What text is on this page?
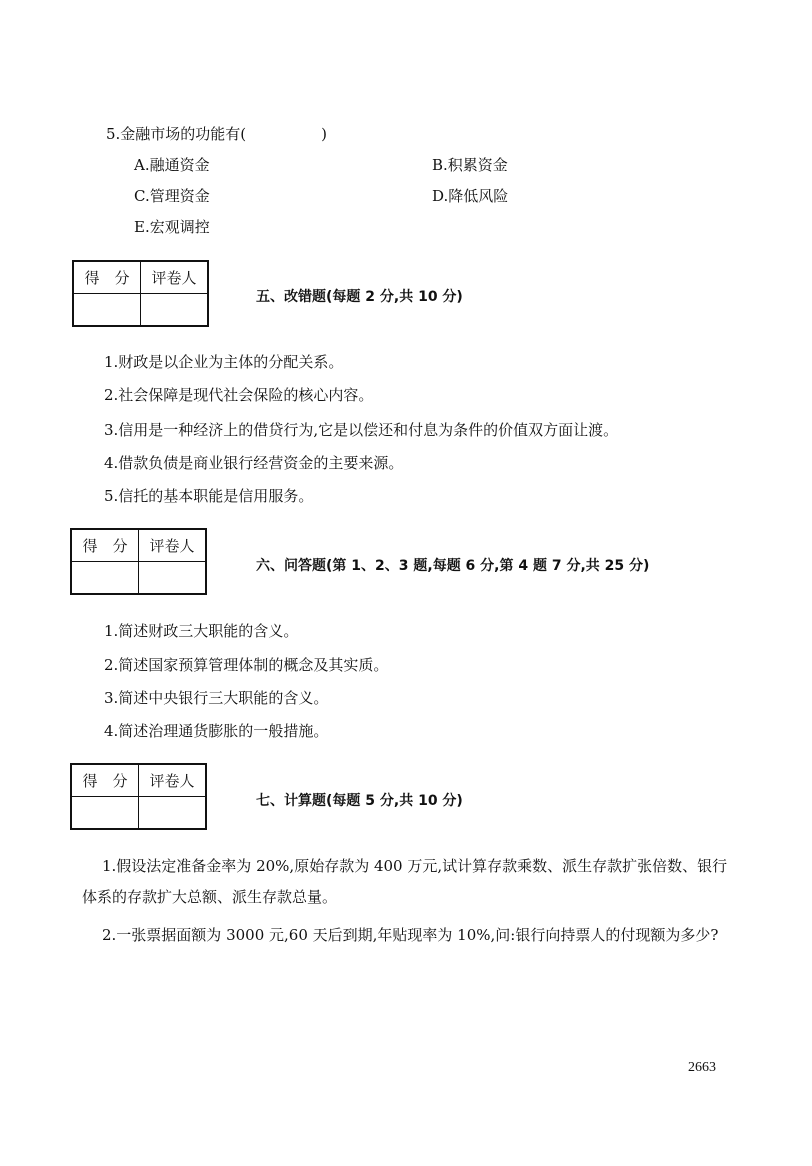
5.金融市场的功能有(　　　　　)
A.融通资金	B.积累资金
C.管理资金	D.降低风险
E.宏观调控
得　分	评卷人

五、改错题(每题 2 分,共 10 分)
1.财政是以企业为主体的分配关系。
2.社会保障是现代社会保险的核心内容。
3.信用是一种经济上的借贷行为,它是以偿还和付息为条件的价值双方面让渡。
4.借款负债是商业银行经营资金的主要来源。
5.信托的基本职能是信用服务。
得　分	评卷人

六、问答题(第 1、2、3 题,每题 6 分,第 4 题 7 分,共 25 分)
1.简述财政三大职能的含义。
2.简述国家预算管理体制的概念及其实质。
3.简述中央银行三大职能的含义。
4.简述治理通货膨胀的一般措施。
得　分	评卷人

七、计算题(每题 5 分,共 10 分)
1.假设法定准备金率为 20%,原始存款为 400 万元,试计算存款乘数、派生存款扩张倍数、银行体系的存款扩大总额、派生存款总量。
2.一张票据面额为 3000 元,60 天后到期,年贴现率为 10%,问:银行向持票人的付现额为多少?
2663
